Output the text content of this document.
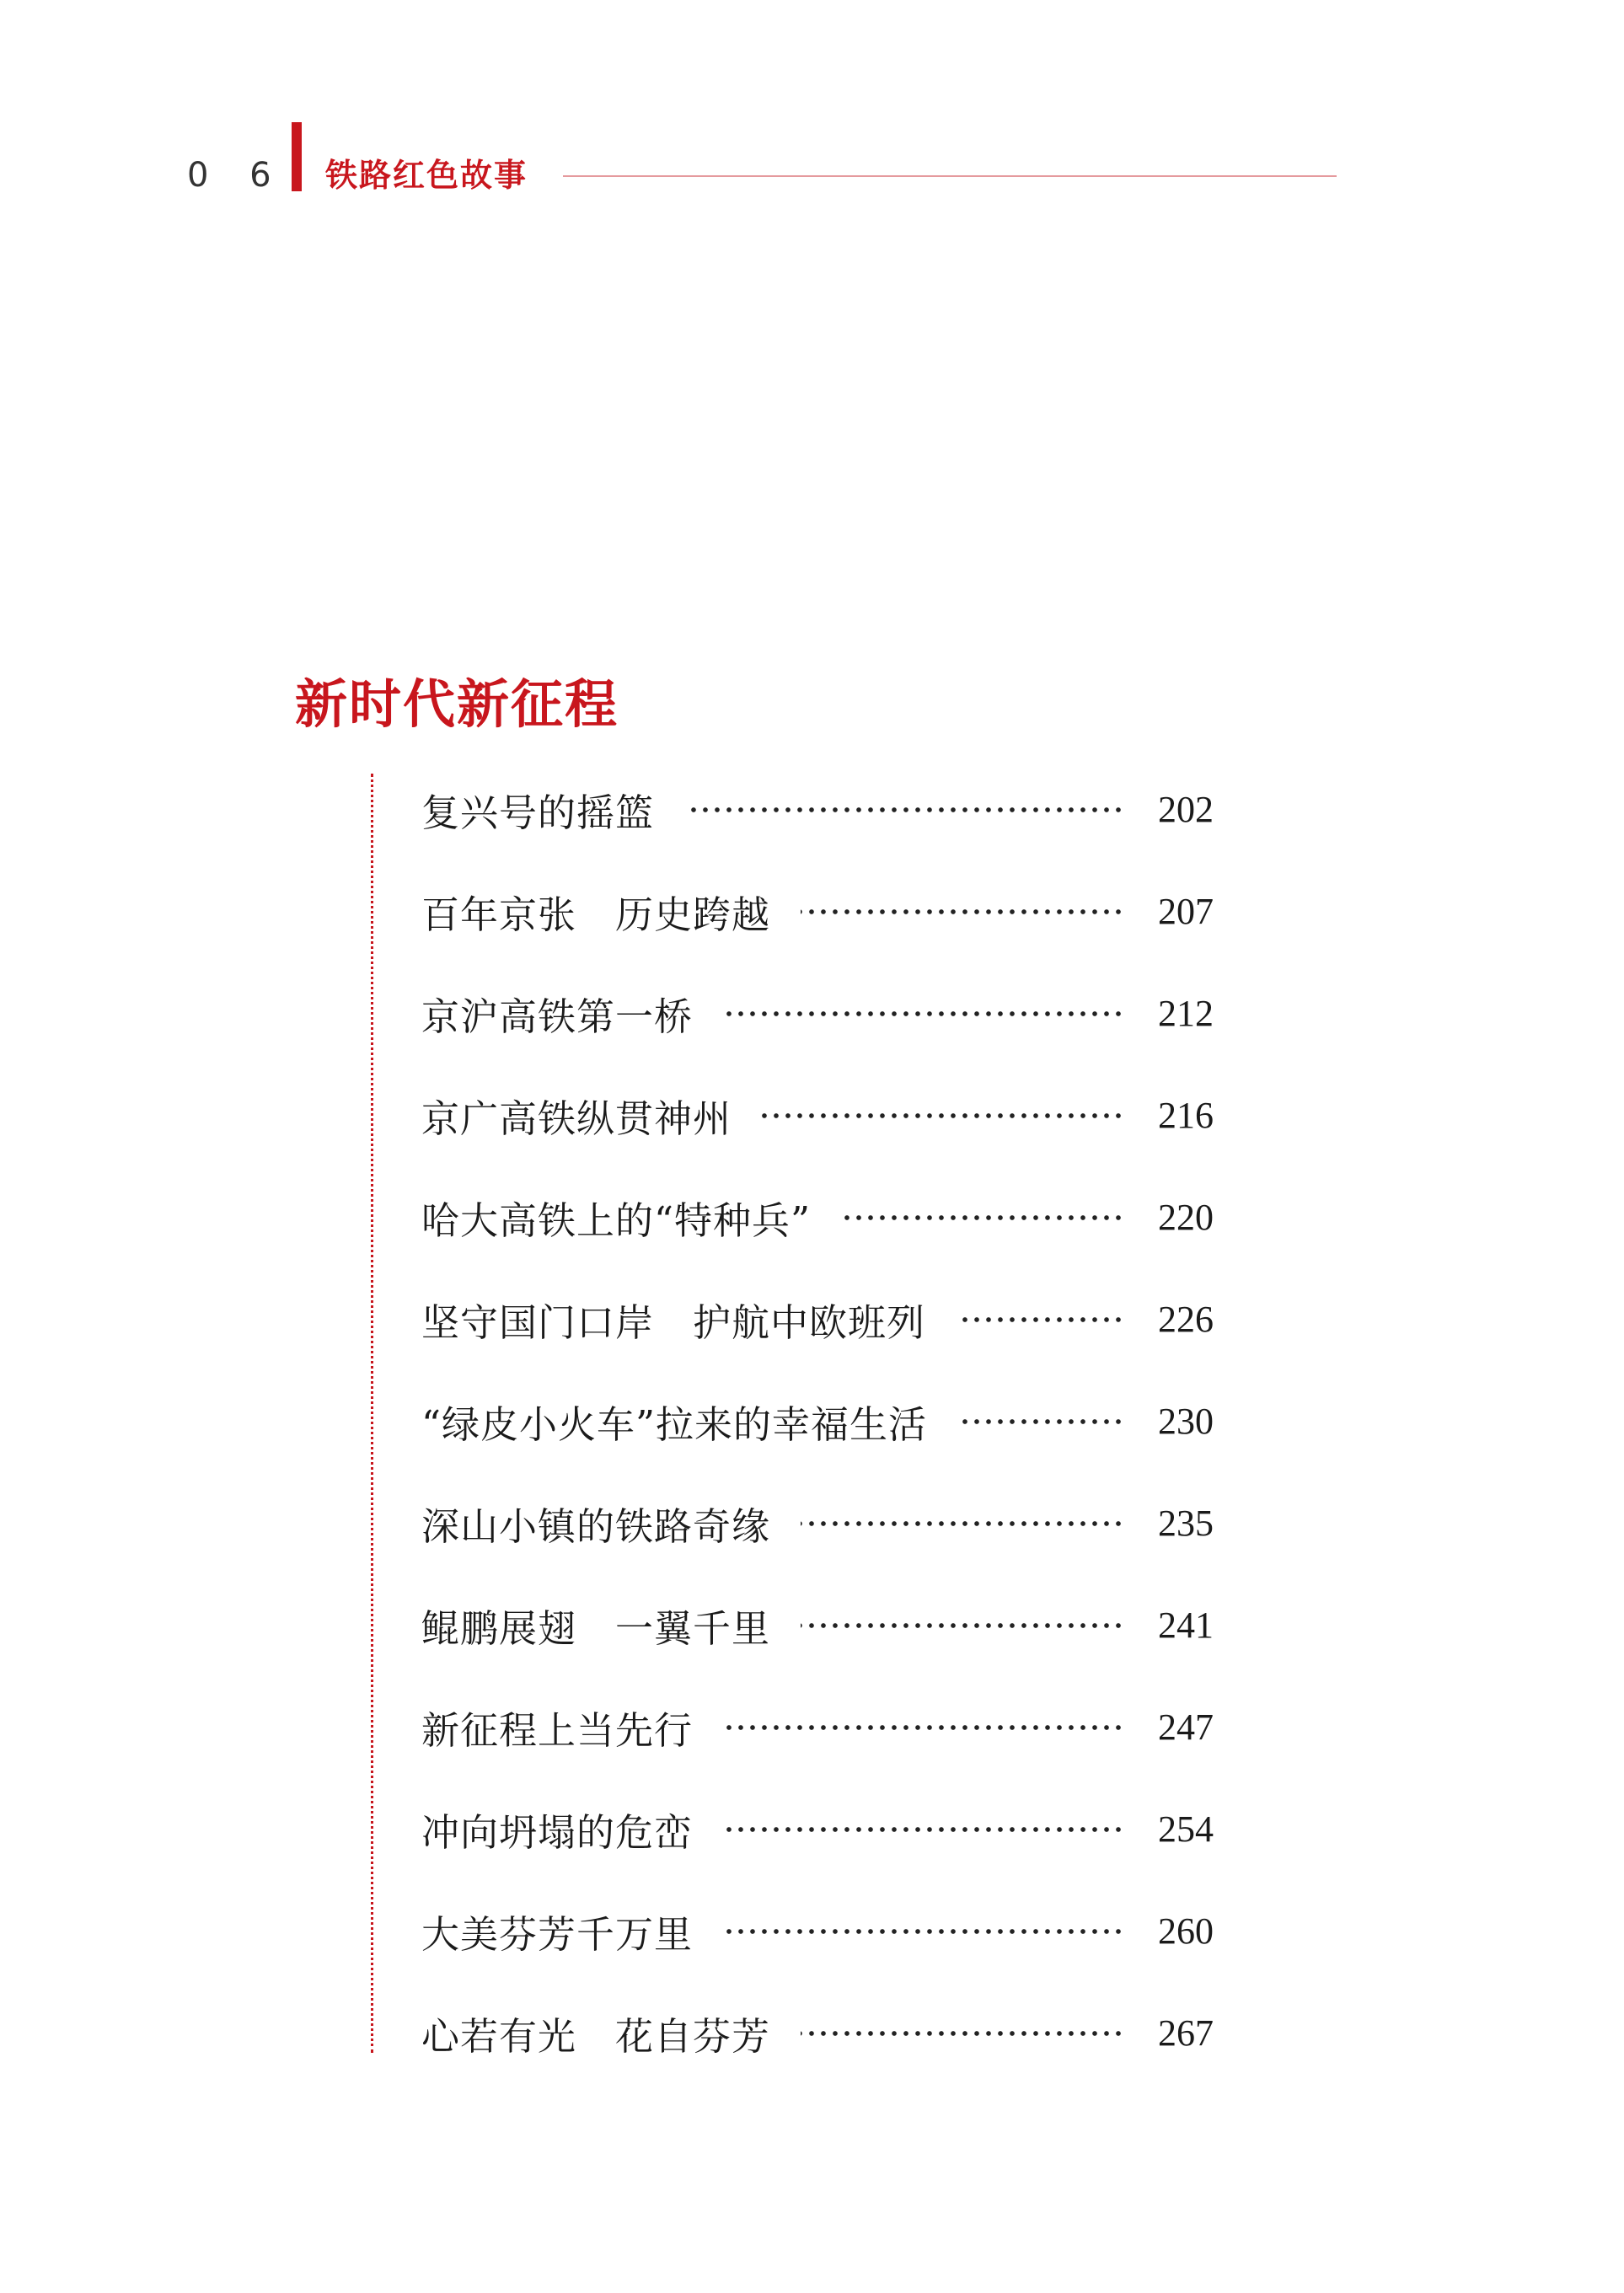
0 6 铁路红色故事
新时代新征程
复兴号的摇篮	202
百年京张　历史跨越	207
京沪高铁第一桥	212
京广高铁纵贯神州	216
哈大高铁上的“特种兵”	220
坚守国门口岸　护航中欧班列	226
“绿皮小火车”拉来的幸福生活	230
深山小镇的铁路奇缘	235
鲲鹏展翅　一翼千里	241
新征程上当先行	247
冲向坍塌的危峦	254
大美芬芳千万里	260
心若有光　花自芬芳	267
